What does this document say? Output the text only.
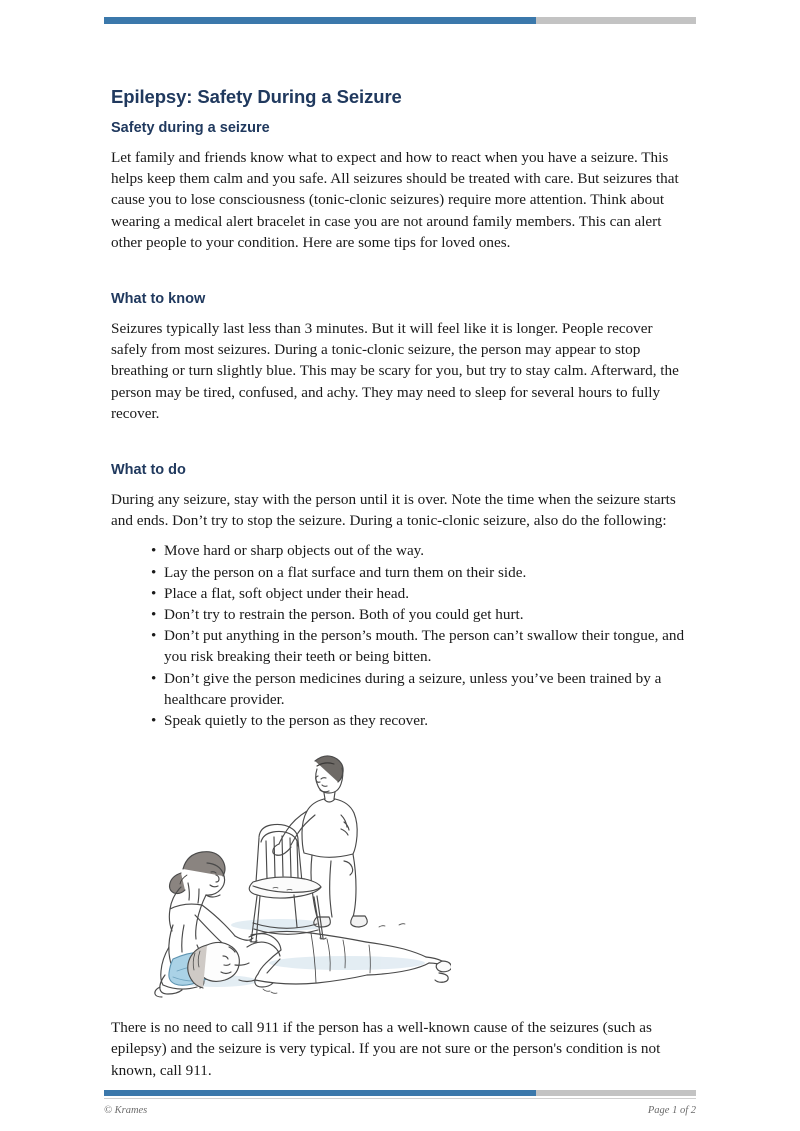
Epilepsy: Safety During a Seizure
Safety during a seizure

Let family and friends know what to expect and how to react when you have a seizure. This helps keep them calm and you safe. All seizures should be treated with care. But seizures that cause you to lose consciousness (tonic-clonic seizures) require more attention. Think about wearing a medical alert bracelet in case you are not around family members. This can alert other people to your condition. Here are some tips for loved ones.

What to know

Seizures typically last less than 3 minutes. But it will feel like it is longer. People recover safely from most seizures. During a tonic-clonic seizure, the person may appear to stop breathing or turn slightly blue. This may be scary for you, but try to stay calm. Afterward, the person may be tired, confused, and achy. They may need to sleep for several hours to fully recover.

What to do

During any seizure, stay with the person until it is over. Note the time when the seizure starts and ends. Don’t try to stop the seizure. During a tonic-clonic seizure, also do the following:

• Move hard or sharp objects out of the way.
• Lay the person on a flat surface and turn them on their side.
• Place a flat, soft object under their head.
• Don’t try to restrain the person. Both of you could get hurt.
• Don’t put anything in the person’s mouth. The person can’t swallow their tongue, and you risk breaking their teeth or being bitten.
• Don’t give the person medicines during a seizure, unless you’ve been trained by a healthcare provider.
• Speak quietly to the person as they recover.

There is no need to call 911 if the person has a well-known cause of the seizures (such as epilepsy) and the seizure is very typical. If you are not sure or the person's condition is not known, call 911.

© Krames	Page 1 of 2
